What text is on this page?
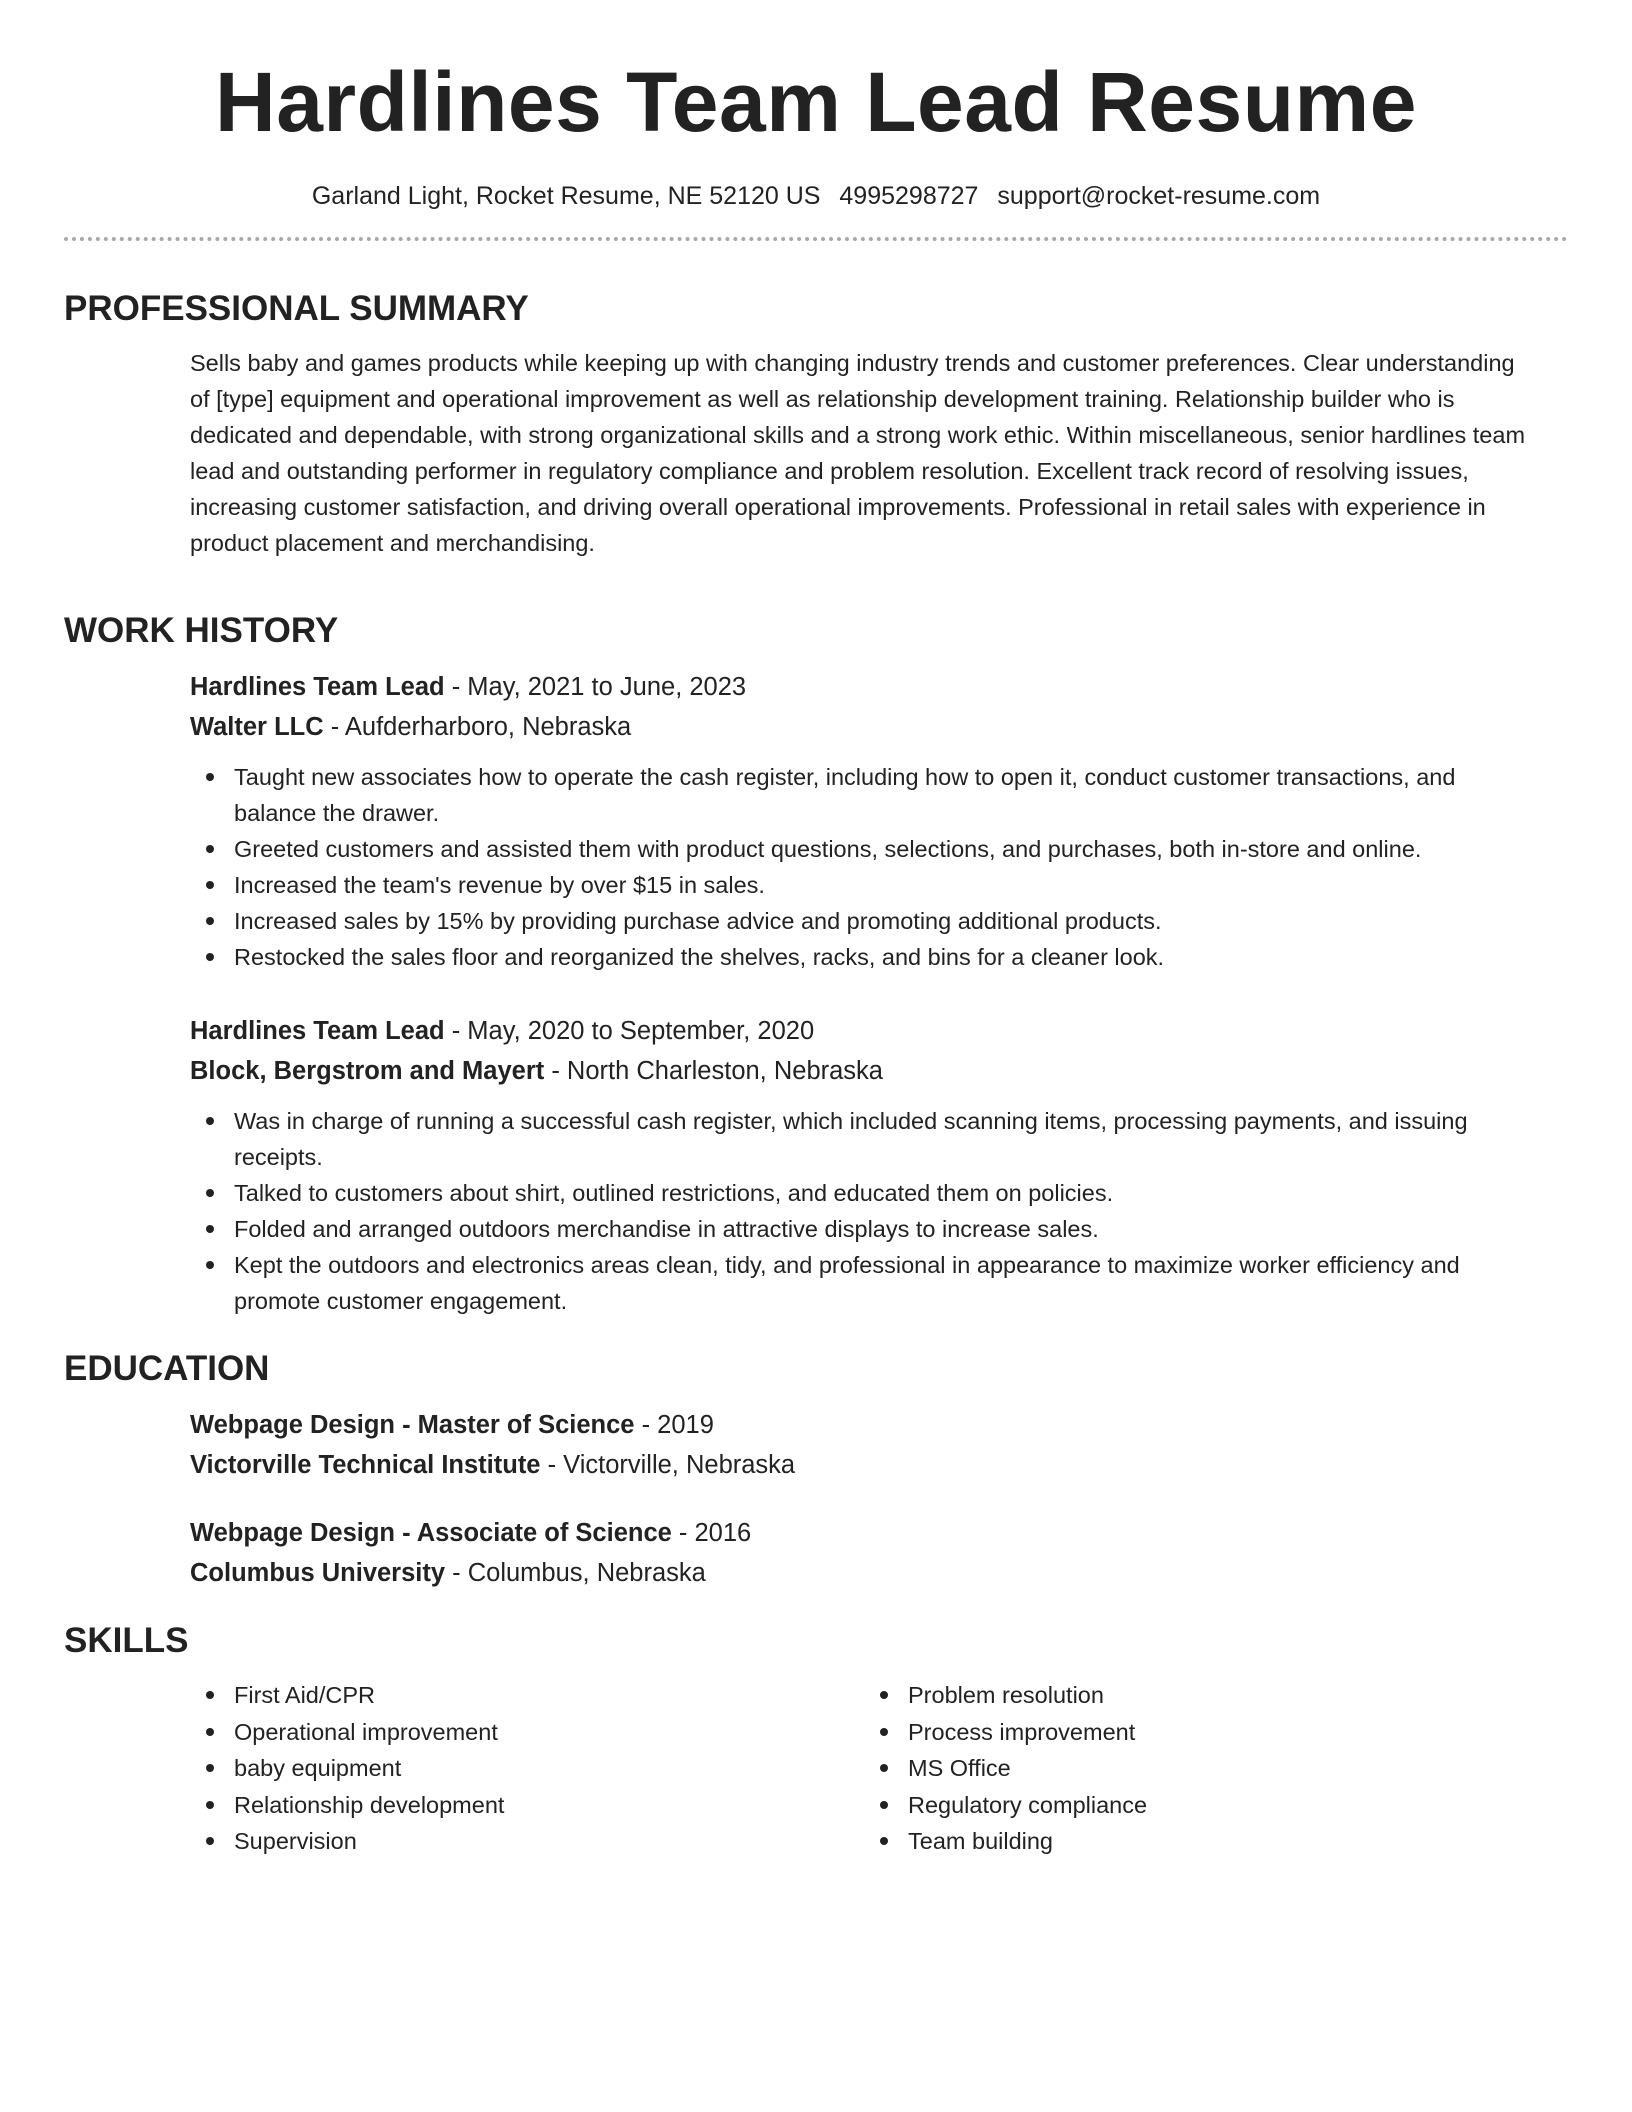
Hardlines Team Lead Resume
Garland Light, Rocket Resume, NE 52120 US 4995298727 support@rocket-resume.com
PROFESSIONAL SUMMARY

Sells baby and games products while keeping up with changing industry trends and customer preferences. Clear understanding of [type] equipment and operational improvement as well as relationship development training. Relationship builder who is dedicated and dependable, with strong organizational skills and a strong work ethic. Within miscellaneous, senior hardlines team lead and outstanding performer in regulatory compliance and problem resolution. Excellent track record of resolving issues, increasing customer satisfaction, and driving overall operational improvements. Professional in retail sales with experience in product placement and merchandising.

WORK HISTORY
Hardlines Team Lead - May, 2021 to June, 2023
Walter LLC - Aufderharboro, Nebraska
Taught new associates how to operate the cash register, including how to open it, conduct customer transactions, and balance the drawer.
Greeted customers and assisted them with product questions, selections, and purchases, both in-store and online.
Increased the team's revenue by over $15 in sales.
Increased sales by 15% by providing purchase advice and promoting additional products.
Restocked the sales floor and reorganized the shelves, racks, and bins for a cleaner look.
Hardlines Team Lead - May, 2020 to September, 2020
Block, Bergstrom and Mayert - North Charleston, Nebraska
Was in charge of running a successful cash register, which included scanning items, processing payments, and issuing receipts.
Talked to customers about shirt, outlined restrictions, and educated them on policies.
Folded and arranged outdoors merchandise in attractive displays to increase sales.
Kept the outdoors and electronics areas clean, tidy, and professional in appearance to maximize worker efficiency and promote customer engagement.
EDUCATION
Webpage Design - Master of Science - 2019
Victorville Technical Institute - Victorville, Nebraska
Webpage Design - Associate of Science - 2016
Columbus University - Columbus, Nebraska
SKILLS
First Aid/CPR
Operational improvement
baby equipment
Relationship development
Supervision
Problem resolution
Process improvement
MS Office
Regulatory compliance
Team building
